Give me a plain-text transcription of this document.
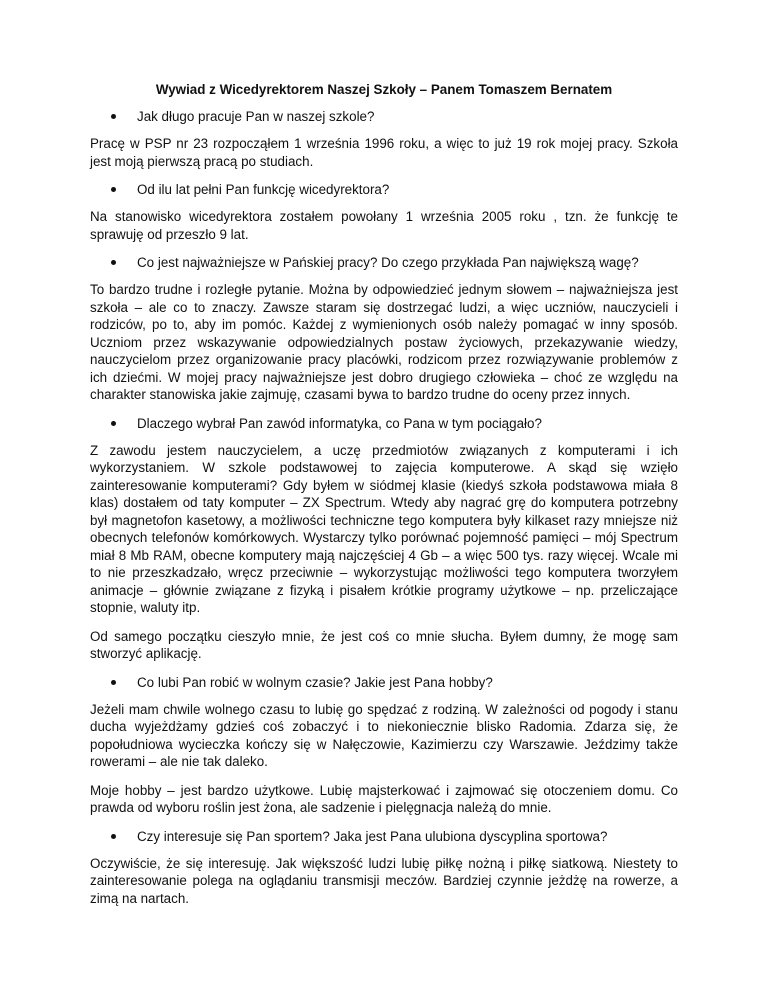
Wywiad z Wicedyrektorem Naszej Szkoły – Panem Tomaszem Bernatem
Jak długo pracuje Pan w naszej szkole?

Pracę w PSP nr 23 rozpocząłem 1 września 1996 roku, a więc to już 19 rok mojej pracy. Szkoła jest moją pierwszą pracą po studiach.

Od ilu lat pełni Pan funkcję wicedyrektora?

Na stanowisko wicedyrektora zostałem powołany 1 września 2005 roku , tzn. że funkcję te sprawuję od przeszło 9 lat.

Co jest najważniejsze w Pańskiej pracy? Do czego przykłada Pan największą wagę?

To bardzo trudne i rozległe pytanie. Można by odpowiedzieć jednym słowem – najważniejsza jest szkoła – ale co to znaczy. Zawsze staram się dostrzegać ludzi, a więc uczniów, nauczycieli i rodziców, po to, aby im pomóc. Każdej z wymienionych osób należy pomagać w inny sposób. Uczniom przez wskazywanie odpowiedzialnych postaw życiowych, przekazywanie wiedzy, nauczycielom przez organizowanie pracy placówki, rodzicom przez rozwiązywanie problemów z ich dziećmi. W mojej pracy najważniejsze jest dobro drugiego człowieka – choć ze względu na charakter stanowiska jakie zajmuję, czasami bywa to bardzo trudne do oceny przez innych.

Dlaczego wybrał Pan zawód informatyka, co Pana w tym pociągało?

Z zawodu jestem nauczycielem, a uczę przedmiotów związanych z komputerami i ich wykorzystaniem. W szkole podstawowej to zajęcia komputerowe. A skąd się wzięło zainteresowanie komputerami? Gdy byłem w siódmej klasie (kiedyś szkoła podstawowa miała 8 klas) dostałem od taty komputer – ZX Spectrum. Wtedy aby nagrać grę do komputera potrzebny był magnetofon kasetowy, a możliwości techniczne tego komputera były kilkaset razy mniejsze niż obecnych telefonów komórkowych. Wystarczy tylko porównać pojemność pamięci – mój Spectrum miał 8 Mb RAM, obecne komputery mają najczęściej 4 Gb – a więc 500 tys. razy więcej. Wcale mi to nie przeszkadzało, wręcz przeciwnie – wykorzystując możliwości tego komputera tworzyłem animacje – głównie związane z fizyką i pisałem krótkie programy użytkowe – np. przeliczające stopnie, waluty itp.

Od samego początku cieszyło mnie, że jest coś co mnie słucha. Byłem dumny, że mogę sam stworzyć aplikację.

Co lubi Pan robić w wolnym czasie? Jakie jest Pana hobby?

Jeżeli mam chwile wolnego czasu to lubię go spędzać z rodziną. W zależności od pogody i stanu ducha wyjeżdżamy gdzieś coś zobaczyć i to niekoniecznie blisko Radomia. Zdarza się, że popołudniowa wycieczka kończy się w Nałęczowie, Kazimierzu czy Warszawie. Jeździmy także rowerami – ale nie tak daleko.

Moje hobby – jest bardzo użytkowe. Lubię majsterkować i zajmować się otoczeniem domu. Co prawda od wyboru roślin jest żona, ale sadzenie i pielęgnacja należą do mnie.

Czy interesuje się Pan sportem? Jaka jest Pana ulubiona dyscyplina sportowa?

Oczywiście, że się interesuję. Jak większość ludzi lubię piłkę nożną i piłkę siatkową. Niestety to zainteresowanie polega na oglądaniu transmisji meczów. Bardziej czynnie jeżdżę na rowerze, a zimą na nartach.
